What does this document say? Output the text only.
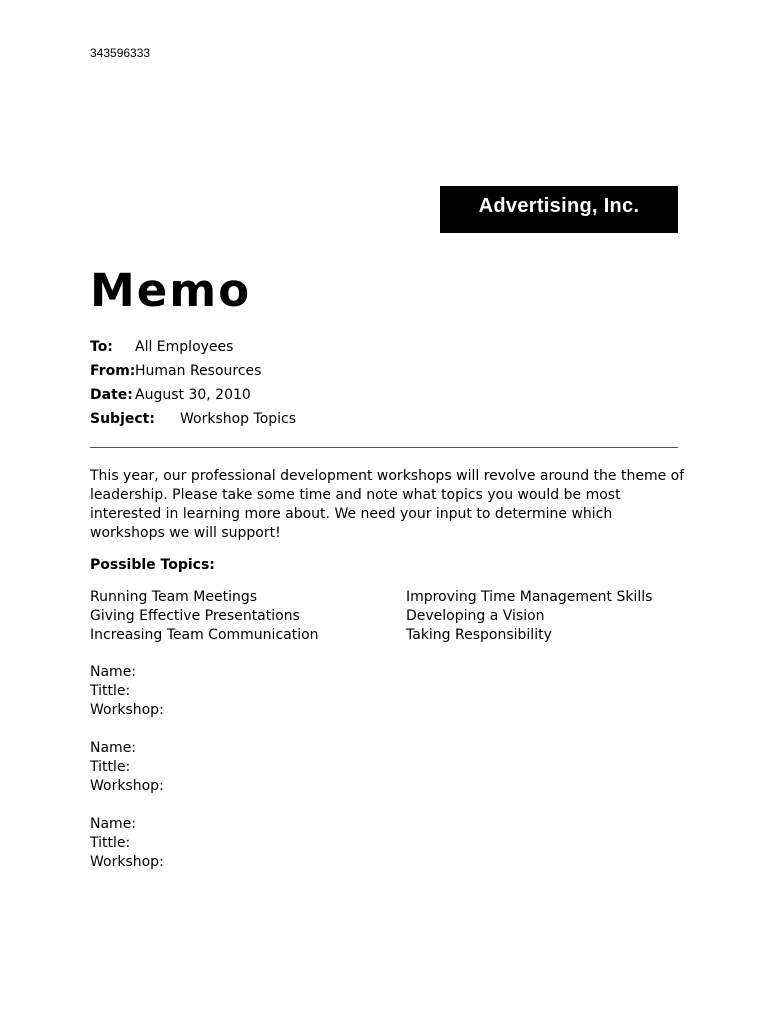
343596333
Advertising, Inc.
Memo
To: All Employees
From: Human Resources
Date: August 30, 2010
Subject: Workshop Topics

This year, our professional development workshops will revolve around the theme of leadership. Please take some time and note what topics you would be most interested in learning more about. We need your input to determine which workshops we will support!

Possible Topics:
Running Team Meetings
Giving Effective Presentations
Increasing Team Communication
Improving Time Management Skills
Developing a Vision
Taking Responsibility
Name:
Tittle:
Workshop:
Name:
Tittle:
Workshop:
Name:
Tittle:
Workshop:
